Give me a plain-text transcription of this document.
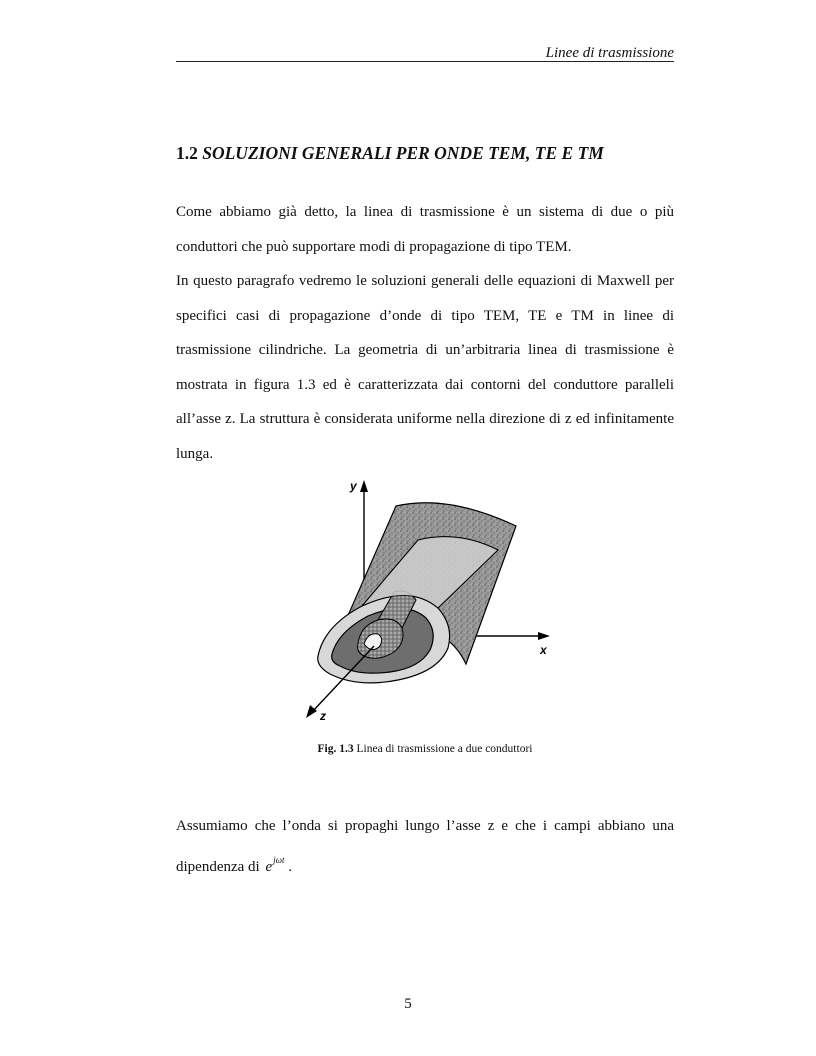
Linee di trasmissione
1.2 SOLUZIONI GENERALI PER ONDE TEM, TE E TM

Come abbiamo già detto, la linea di trasmissione è un sistema di due o più conduttori che può supportare modi di propagazione di tipo TEM.

In questo paragrafo vedremo le soluzioni generali delle equazioni di Maxwell per specifici casi di propagazione d’onde di tipo TEM, TE e TM in linee di trasmissione cilindriche. La geometria di un’arbitraria linea di trasmissione è mostrata in figura 1.3 ed è caratterizzata dai contorni del conduttore paralleli all’asse z. La struttura è considerata uniforme nella direzione di z ed infinitamente lunga.

y
x
z
Fig. 1.3 Linea di trasmissione a due conduttori

Assumiamo che l’onda si propaghi lungo l’asse z e che i campi abbiano una dipendenza di $e^{j\omega t}$ .

5
